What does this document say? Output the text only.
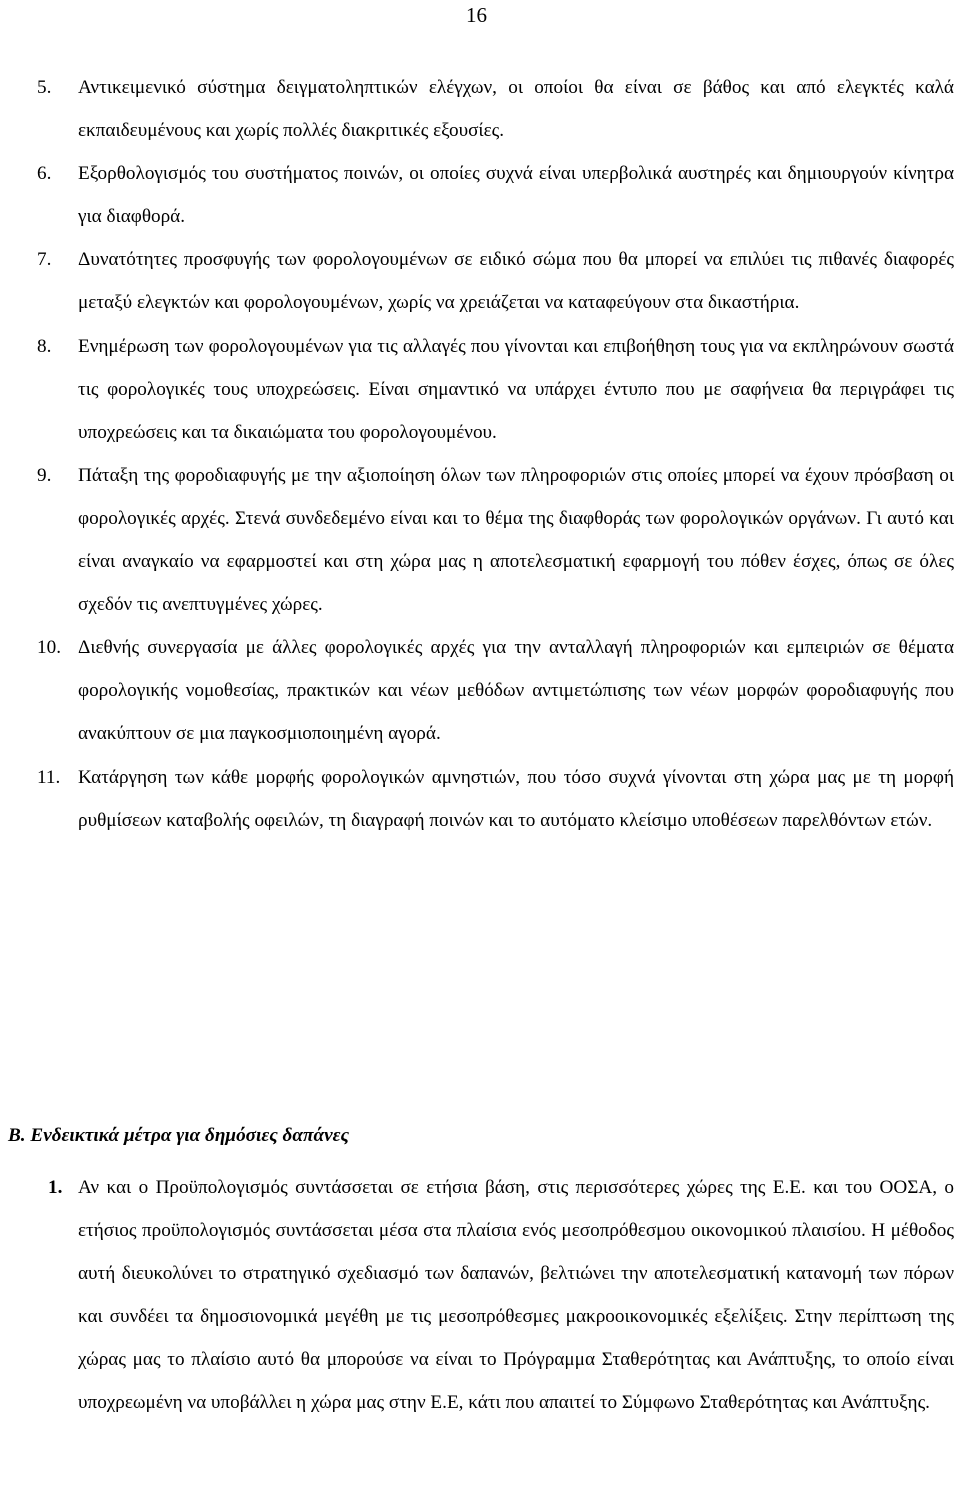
16
5. Αντικειμενικό σύστημα δειγματοληπτικών ελέγχων, οι οποίοι θα είναι σε βάθος και από ελεγκτές καλά εκπαιδευμένους και χωρίς πολλές διακριτικές εξουσίες.
6. Εξορθολογισμός του συστήματος ποινών, οι οποίες συχνά είναι υπερβολικά αυστηρές και δημιουργούν κίνητρα για διαφθορά.
7. Δυνατότητες προσφυγής των φορολογουμένων σε ειδικό σώμα που θα μπορεί να επιλύει τις πιθανές διαφορές μεταξύ ελεγκτών και φορολογουμένων, χωρίς να χρειάζεται να καταφεύγουν στα δικαστήρια.
8. Ενημέρωση των φορολογουμένων για τις αλλαγές που γίνονται και επιβοήθηση τους για να εκπληρώνουν σωστά τις φορολογικές τους υποχρεώσεις. Είναι σημαντικό να υπάρχει έντυπο που με σαφήνεια θα περιγράφει τις υποχρεώσεις και τα δικαιώματα του φορολογουμένου.
9. Πάταξη της φοροδιαφυγής με την αξιοποίηση όλων των πληροφοριών στις οποίες μπορεί να έχουν πρόσβαση οι φορολογικές αρχές. Στενά συνδεδεμένο είναι και το θέμα της διαφθοράς των φορολογικών οργάνων. Γι αυτό και είναι αναγκαίο να εφαρμοστεί και στη χώρα μας η αποτελεσματική εφαρμογή του πόθεν έσχες, όπως σε όλες σχεδόν τις ανεπτυγμένες χώρες.
10. Διεθνής συνεργασία με άλλες φορολογικές αρχές για την ανταλλαγή πληροφοριών και εμπειριών σε θέματα φορολογικής νομοθεσίας, πρακτικών και νέων μεθόδων αντιμετώπισης των νέων μορφών φοροδιαφυγής που ανακύπτουν σε μια παγκοσμιοποιημένη αγορά.
11. Κατάργηση των κάθε μορφής φορολογικών αμνηστιών, που τόσο συχνά γίνονται στη χώρα μας με τη μορφή ρυθμίσεων καταβολής οφειλών, τη διαγραφή ποινών και το αυτόματο κλείσιμο υποθέσεων παρελθόντων ετών.
Β. Ενδεικτικά μέτρα για δημόσιες δαπάνες
1. Αν και ο Προϋπολογισμός συντάσσεται σε ετήσια βάση, στις περισσότερες χώρες της Ε.Ε. και του ΟΟΣΑ, ο ετήσιος προϋπολογισμός συντάσσεται μέσα στα πλαίσια ενός μεσοπρόθεσμου οικονομικού πλαισίου. Η μέθοδος αυτή διευκολύνει το στρατηγικό σχεδιασμό των δαπανών, βελτιώνει την αποτελεσματική κατανομή των πόρων και συνδέει τα δημοσιονομικά μεγέθη με τις μεσοπρόθεσμες μακροοικονομικές εξελίξεις. Στην περίπτωση της χώρας μας το πλαίσιο αυτό θα μπορούσε να είναι το Πρόγραμμα Σταθερότητας και Ανάπτυξης, το οποίο είναι υποχρεωμένη να υποβάλλει η χώρα μας στην Ε.Ε, κάτι που απαιτεί το Σύμφωνο Σταθερότητας και Ανάπτυξης.
